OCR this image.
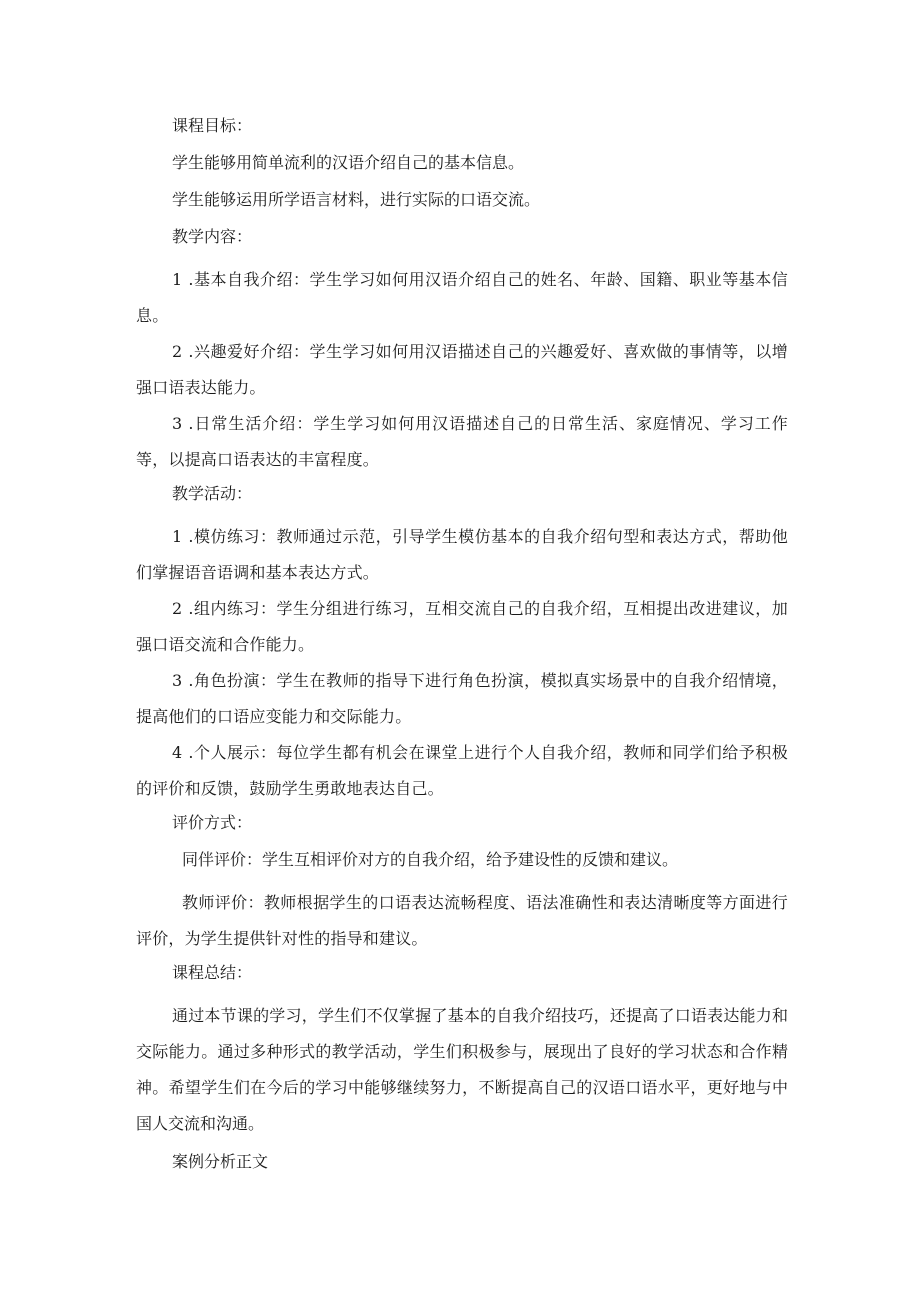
课程目标：
学生能够用简单流利的汉语介绍自己的基本信息。
学生能够运用所学语言材料，进行实际的口语交流。
教学内容：

1 .基本自我介绍：学生学习如何用汉语介绍自己的姓名、年龄、国籍、职业等基本信息。

2 .兴趣爱好介绍：学生学习如何用汉语描述自己的兴趣爱好、喜欢做的事情等，以增强口语表达能力。

3 .日常生活介绍：学生学习如何用汉语描述自己的日常生活、家庭情况、学习工作等，以提高口语表达的丰富程度。

教学活动：

1 .模仿练习：教师通过示范，引导学生模仿基本的自我介绍句型和表达方式，帮助他们掌握语音语调和基本表达方式。

2 .组内练习：学生分组进行练习，互相交流自己的自我介绍，互相提出改进建议，加强口语交流和合作能力。

3 .角色扮演：学生在教师的指导下进行角色扮演，模拟真实场景中的自我介绍情境，提高他们的口语应变能力和交际能力。

4 .个人展示：每位学生都有机会在课堂上进行个人自我介绍，教师和同学们给予积极的评价和反馈，鼓励学生勇敢地表达自己。

评价方式：
同伴评价：学生互相评价对方的自我介绍，给予建设性的反馈和建议。

教师评价：教师根据学生的口语表达流畅程度、语法准确性和表达清晰度等方面进行评价，为学生提供针对性的指导和建议。

课程总结：

通过本节课的学习，学生们不仅掌握了基本的自我介绍技巧，还提高了口语表达能力和交际能力。通过多种形式的教学活动，学生们积极参与，展现出了良好的学习状态和合作精神。希望学生们在今后的学习中能够继续努力，不断提高自己的汉语口语水平，更好地与中国人交流和沟通。

案例分析正文
